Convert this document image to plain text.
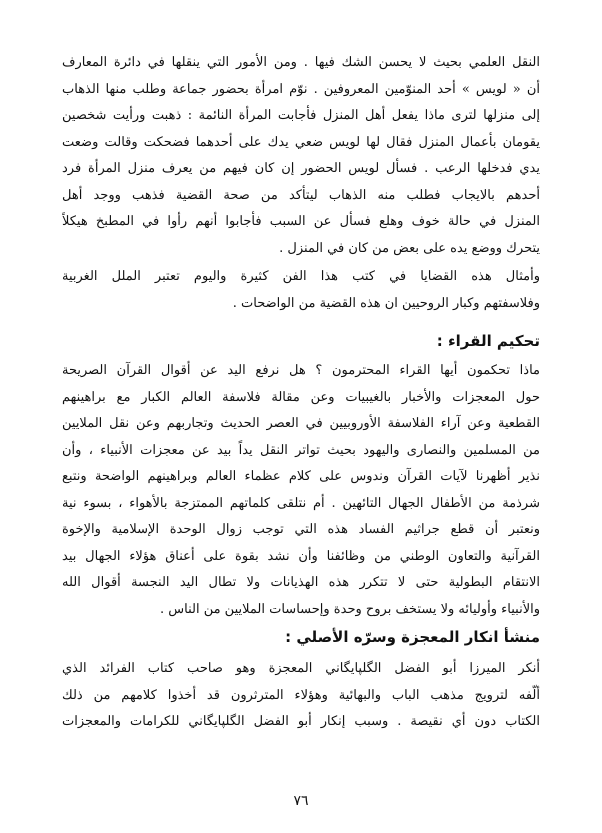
النقل العلمي بحيث لا يحسن الشك فيها . ومن الأمور التي ينقلها في دائرة المعارف

أن « لويس » أحد المنوّمين المعروفين . نوّم امرأة بحضور جماعة وطلب منها الذهاب

إلى منزلها لترى ماذا يفعل أهل المنزل فأجابت المرأة النائمة : ذهبت ورأيت شخصين

يقومان بأعمال المنزل فقال لها لويس ضعي يدك على أحدهما فضحكت وقالت وضعت

يدي فدخلها الرعب . فسأل لويس الحضور إن كان فيهم من يعرف منزل المرأة فرد

أحدهم بالايجاب فطلب منه الذهاب ليتأكد من صحة القضية فذهب ووجد أهل

المنزل في حالة خوف وهلع فسأل عن السبب فأجابوا أنهم رأوا في المطبخ هيكلاً

يتحرك ووضع يده على بعض من كان في المنزل .

وأمثال هذه القضايا في كتب هذا الفن كثيرة واليوم تعتبر الملل الغربية

وفلاسفتهم وكبار الروحيين ان هذه القضية من الواضحات .

تحكيم القراء :

ماذا تحكمون أيها القراء المحترمون ؟ هل نرفع اليد عن أقوال القرآن الصريحة

حول المعجزات والأخبار بالغيبيات وعن مقالة فلاسفة العالم الكبار مع براهينهم

القطعية وعن آراء الفلاسفة الأوروبيين في العصر الحديث وتجاربهم وعن نقل الملايين

من المسلمين والنصارى واليهود بحيث تواتر النقل يداً بيد عن معجزات الأنبياء ، وأن

نذير أظهرنا لآيات القرآن وندوس على كلام عظماء العالم وبراهينهم الواضحة ونتبع

شرذمة من الأطفال الجهال التائهين . أم نتلقى كلماتهم الممتزجة بالأهواء ، بسوء نية

ونعتبر أن قطع جراثيم الفساد هذه التي توجب زوال الوحدة الإسلامية والإخوة

القرآنية والتعاون الوطني من وظائفنا وأن نشد بقوة على أعناق هؤلاء الجهال بيد

الانتقام البطولية حتى لا تتكرر هذه الهذيانات ولا تطال اليد النجسة أقوال الله

والأنبياء وأوليائه ولا يستخف بروح وحدة وإحساسات الملايين من الناس .

منشأ انكار المعجزة وسرّه الأصلي :

أنكر الميرزا أبو الفضل الگلپايگاني المعجزة وهو صاحب كتاب الفرائد الذي

ألّفه لترويج مذهب الباب والبهائية وهؤلاء المترثرون قد أخذوا كلامهم من ذلك

الكتاب دون أي نقيصة . وسبب إنكار أبو الفضل الگلپايگاني للكرامات والمعجزات

٧٦
